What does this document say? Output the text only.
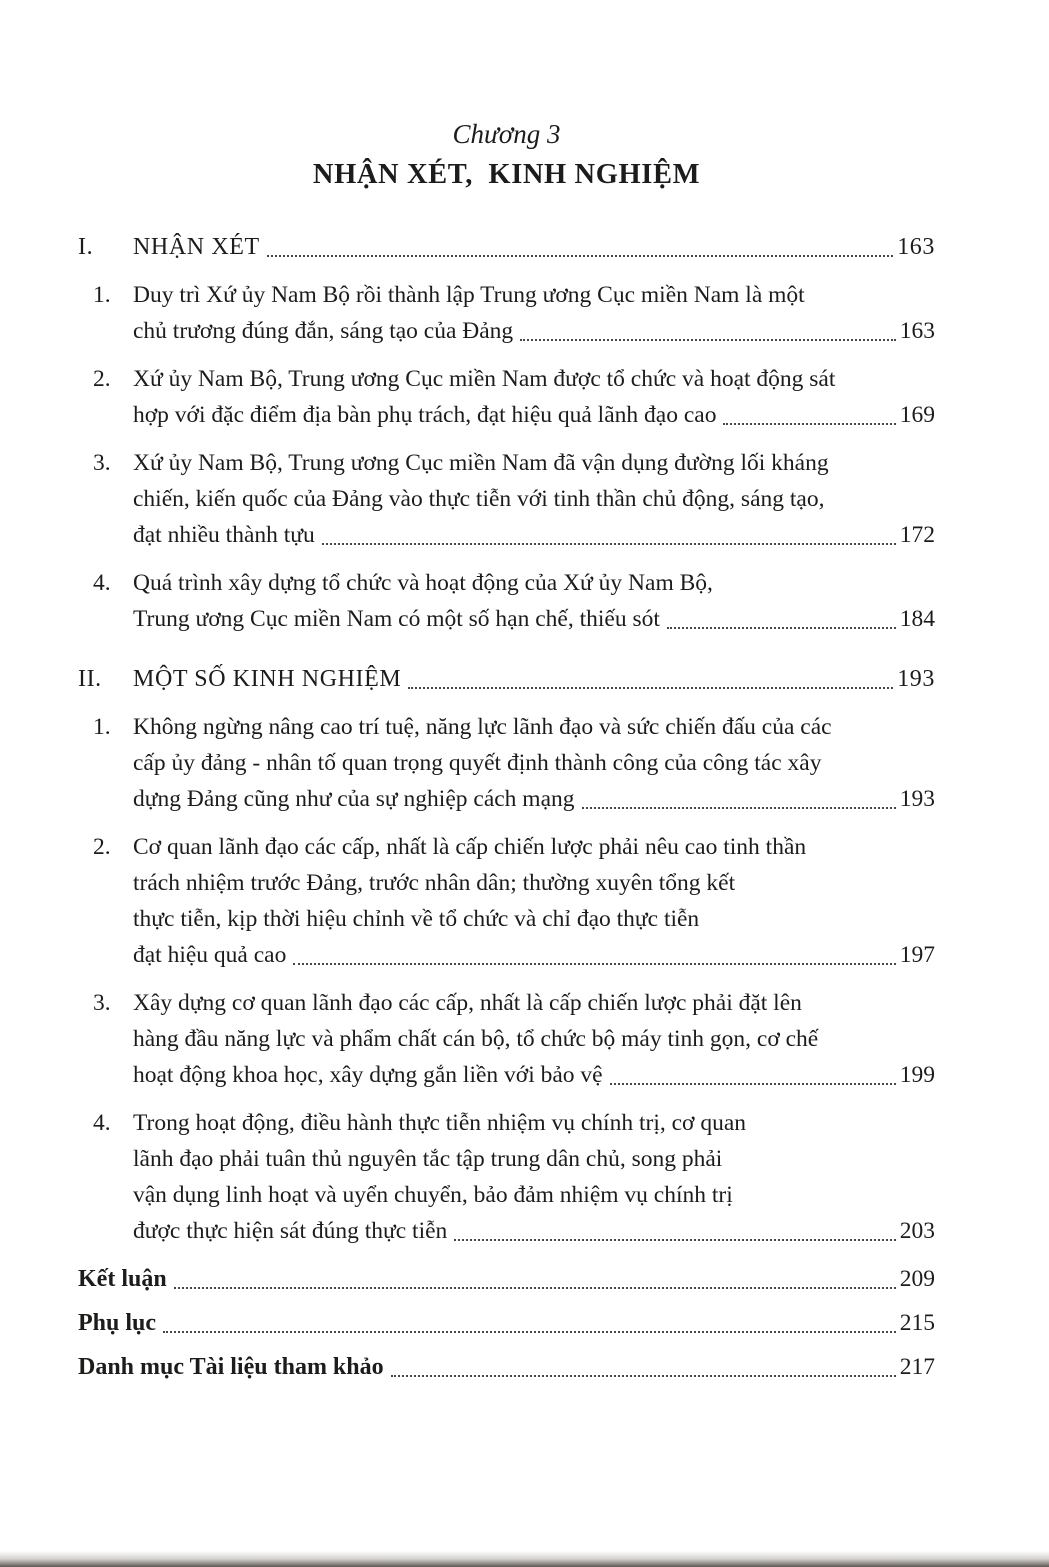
Chương 3
NHẬN XÉT,  KINH NGHIỆM
I.	NHẬN XÉT	163
1. Duy trì Xứ ủy Nam Bộ rồi thành lập Trung ương Cục miền Nam là một
chủ trương đúng đắn, sáng tạo của Đảng	163
2. Xứ ủy Nam Bộ, Trung ương Cục miền Nam được tổ chức và hoạt động sát
hợp với đặc điểm địa bàn phụ trách, đạt hiệu quả lãnh đạo cao	169
3. Xứ ủy Nam Bộ, Trung ương Cục miền Nam đã vận dụng đường lối kháng
chiến, kiến quốc của Đảng vào thực tiễn với tinh thần chủ động, sáng tạo,
đạt nhiều thành tựu	172
4. Quá trình xây dựng tổ chức và hoạt động của Xứ ủy Nam Bộ,
Trung ương Cục miền Nam có một số hạn chế, thiếu sót	184
II.	MỘT SỐ KINH NGHIỆM	193
1. Không ngừng nâng cao trí tuệ, năng lực lãnh đạo và sức chiến đấu của các
cấp ủy đảng - nhân tố quan trọng quyết định thành công của công tác xây
dựng Đảng cũng như của sự nghiệp cách mạng	193
2. Cơ quan lãnh đạo các cấp, nhất là cấp chiến lược phải nêu cao tinh thần
trách nhiệm trước Đảng, trước nhân dân; thường xuyên tổng kết
thực tiễn, kịp thời hiệu chỉnh về tổ chức và chỉ đạo thực tiễn
đạt hiệu quả cao	197
3. Xây dựng cơ quan lãnh đạo các cấp, nhất là cấp chiến lược phải đặt lên
hàng đầu năng lực và phẩm chất cán bộ, tổ chức bộ máy tinh gọn, cơ chế
hoạt động khoa học, xây dựng gắn liền với bảo vệ	199
4. Trong hoạt động, điều hành thực tiễn nhiệm vụ chính trị, cơ quan
lãnh đạo phải tuân thủ nguyên tắc tập trung dân chủ, song phải
vận dụng linh hoạt và uyển chuyển, bảo đảm nhiệm vụ chính trị
được thực hiện sát đúng thực tiễn	203
Kết luận	209
Phụ lục	215
Danh mục Tài liệu tham khảo	217
